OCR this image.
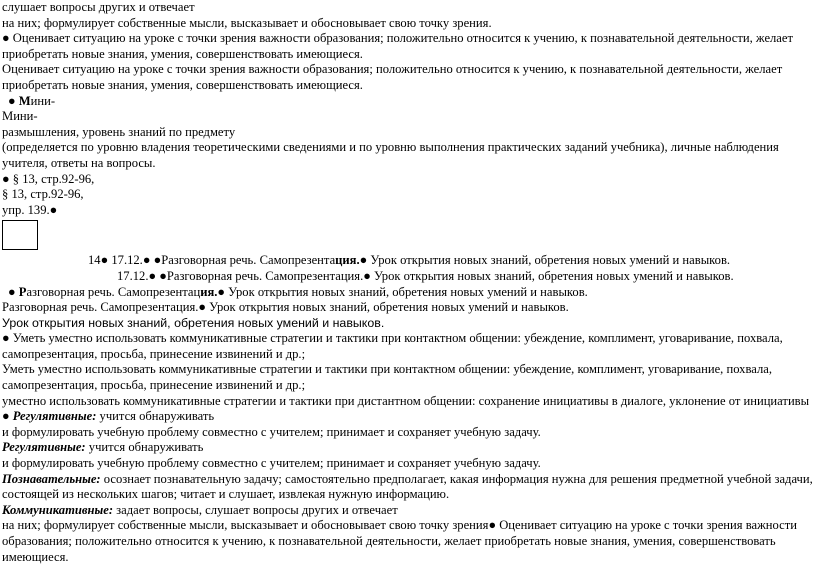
слушает вопросы других и отвечает
на них; формулирует собственные мысли, высказывает и обосновывает свою точку зрения.
● Оценивает ситуацию на уроке с точки зрения важности образования; положительно относится к учению, к познавательной деятельности, желает приобретать новые знания, умения, совершенствовать имеющиеся.
Оценивает ситуацию на уроке с точки зрения важности образования; положительно относится к учению, к познавательной деятельности, желает приобретать новые знания, умения, совершенствовать имеющиеся.
● Мини-
Мини-
размышления, уровень знаний по предмету
(определяется по уровню владения теоретическими сведениями и по уровню выполнения практических заданий учебника), личные наблюдения учителя, ответы на вопросы.
● § 13, стр.92-96,
§ 13, стр.92-96,
упр. 139.●
14● 17.12.● ●Разговорная речь. Самопрезентация.● Урок открытия новых знаний, обретения новых умений и навыков.
17.12.● ●Разговорная речь. Самопрезентация.● Урок открытия новых знаний, обретения новых умений и навыков.
● Разговорная речь. Самопрезентация.● Урок открытия новых знаний, обретения новых умений и навыков.
Разговорная речь. Самопрезентация.● Урок открытия новых знаний, обретения новых умений и навыков.
Урок открытия новых знаний, обретения новых умений и навыков.
● Уметь уместно использовать коммуникативные стратегии и тактики при контактном общении: убеждение, комплимент, уговаривание, похвала, самопрезентация, просьба, принесение извинений и др.;
Уметь уместно использовать коммуникативные стратегии и тактики при контактном общении: убеждение, комплимент, уговаривание, похвала, самопрезентация, просьба, принесение извинений и др.;
уместно использовать коммуникативные стратегии и тактики при дистантном общении: сохранение инициативы в диалоге, уклонение от инициативы
● Регулятивные: учится обнаруживать
и формулировать учебную проблему совместно с учителем; принимает и сохраняет учебную задачу.
Регулятивные: учится обнаруживать
и формулировать учебную проблему совместно с учителем; принимает и сохраняет учебную задачу.
Познавательные: осознает познавательную задачу; самостоятельно предполагает, какая информация нужна для решения предметной учебной задачи, состоящей из нескольких шагов; читает и слушает, извлекая нужную информацию.
Коммуникативные: задает вопросы, слушает вопросы других и отвечает
на них; формулирует собственные мысли, высказывает и обосновывает свою точку зрения● Оценивает ситуацию на уроке с точки зрения важности образования; положительно относится к учению, к познавательной деятельности, желает приобретать новые знания, умения, совершенствовать имеющиеся.
